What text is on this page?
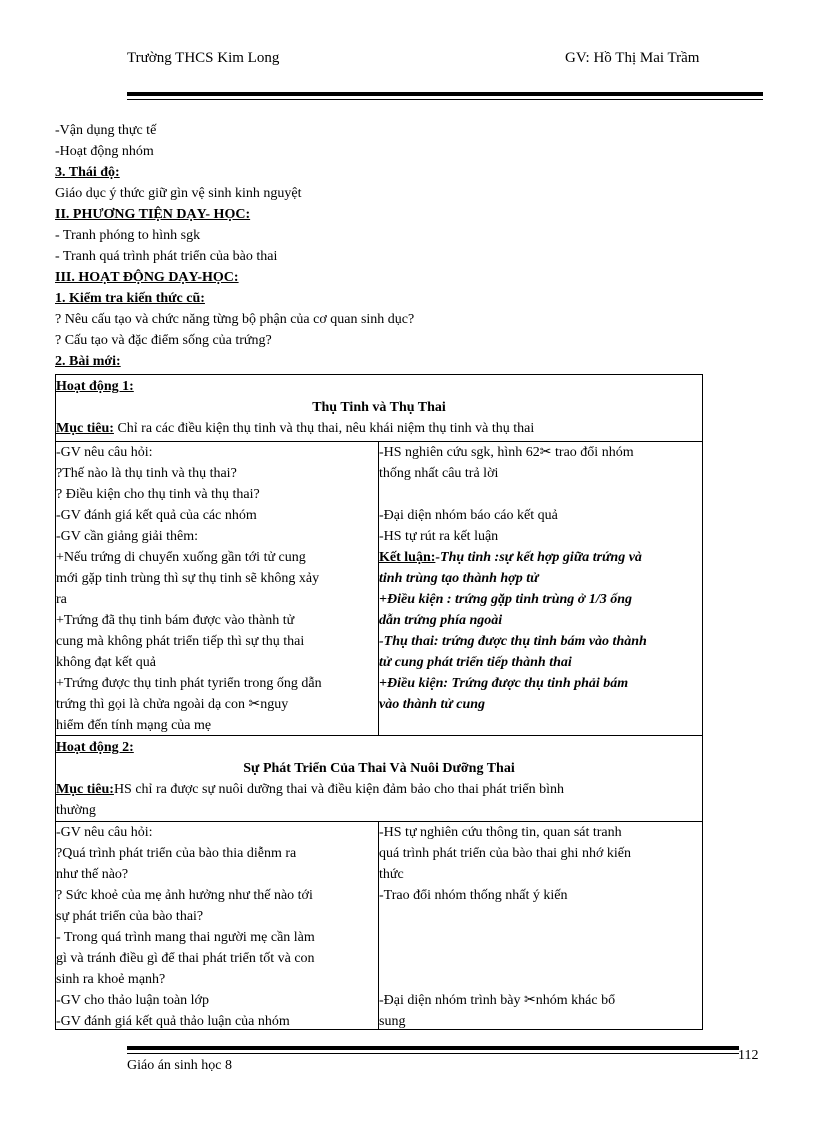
Trường THCS Kim Long	GV: Hồ Thị Mai Trầm
-Vận dụng thực tế
-Hoạt động nhóm
3. Thái độ:
Giáo dục ý thức giữ gìn vệ sinh kinh nguyệt
II. PHƯƠNG TIỆN DẠY- HỌC:
- Tranh phóng to hình sgk
- Tranh quá trình phát triển của bào thai
III. HOẠT ĐỘNG DẠY-HỌC:
1. Kiểm tra kiến thức cũ:
? Nêu cấu tạo và chức năng từng bộ phận của cơ quan sinh dục?
? Cấu tạo và đặc điểm sống của trứng?
2. Bài mới:
Hoạt động 1:
Thụ Tinh và Thụ Thai
Mục tiêu: Chỉ ra các điều kiện thụ tinh và thụ thai, nêu khái niệm thụ tinh và thụ thai
-GV nêu câu hỏi:
?Thế nào là thụ tinh và thụ thai?
? Điều kiện cho thụ tinh và thụ thai?
-GV đánh giá kết quả của các nhóm
-GV cần giảng giải thêm:
+Nếu trứng di chuyển xuống gần tới tử cung
mới gặp tinh trùng thì sự thụ tinh sẽ không xảy
ra
+Trứng đã thụ tinh bám được vào thành tử
cung mà không phát triển tiếp thì sự thụ thai
không đạt kết quả
+Trứng được thụ tinh phát tyriển trong ống dẫn
trứng thì gọi là chửa ngoài dạ con ✂nguy
hiểm đến tính mạng của mẹ
-HS nghiên cứu sgk, hình 62✂ trao đổi nhóm
thống nhất câu trả lời
-Đại diện nhóm báo cáo kết quả
-HS tự rút ra kết luận
Kết luận:-Thụ tinh :sự kết hợp giữa trứng và
tinh trùng tạo thành hợp tử
+Điều kiện : trứng gặp tinh trùng ở 1/3 ống
dẫn trứng phía ngoài
-Thụ thai: trứng được thụ tinh bám vào thành
tử cung phát triển tiếp thành thai
+Điều kiện: Trứng được thụ tinh phải bám
vào thành tử cung
Hoạt động 2:
Sự Phát Triển Của Thai Và Nuôi Dưỡng Thai
Mục tiêu:HS chỉ ra được sự nuôi dưỡng thai và điều kiện đảm bảo cho thai phát triển bình
thường
-GV nêu câu hỏi:
?Quá trình phát triển của bào thia diễnm ra
như thế nào?
? Sức khoẻ của mẹ ảnh hưởng như thế nào tới
sự phát triển của bào thai?
- Trong quá trình mang thai người mẹ cần làm
gì và tránh điều gì để thai phát triển tốt và con
sinh ra khoẻ mạnh?
-GV cho thảo luận toàn lớp
-GV đánh giá kết quả thảo luận của nhóm
-HS tự nghiên cứu thông tin, quan sát tranh
quá trình phát triển của bào thai ghi nhớ kiến
thức
-Trao đổi nhóm thống nhất ý kiến
-Đại diện nhóm trình bày ✂nhóm khác bổ
sung
Giáo án sinh học 8
112
